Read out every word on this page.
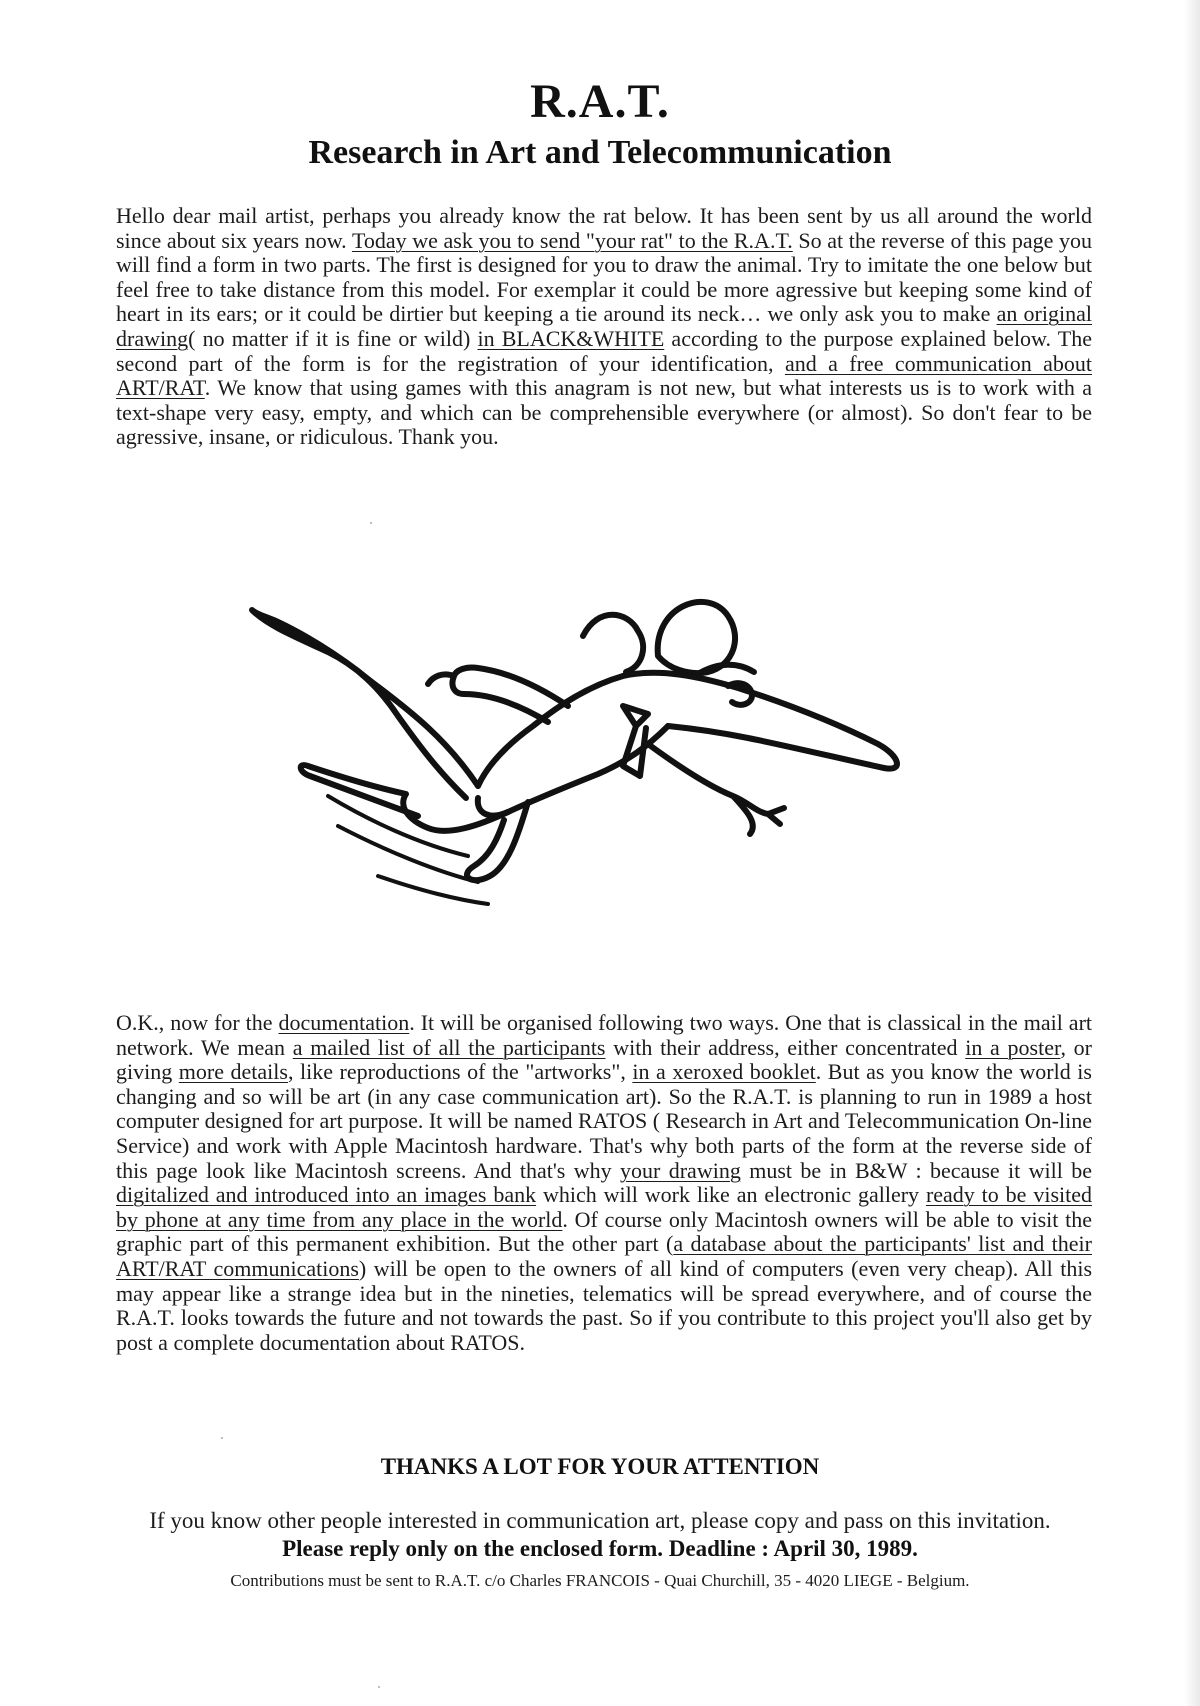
R.A.T.
Research in Art and Telecommunication

Hello dear mail artist, perhaps you already know the rat below. It has been sent by us all around the world since about six years now. Today we ask you to send "your rat" to the R.A.T. So at the reverse of this page you will find a form in two parts. The first is designed for you to draw the animal. Try to imitate the one below but feel free to take distance from this model. For exemplar it could be more agressive but keeping some kind of heart in its ears; or it could be dirtier but keeping a tie around its neck… we only ask you to make an original drawing( no matter if it is fine or wild) in BLACK&WHITE according to the purpose explained below. The second part of the form is for the registration of your identification, and a free communication about ART/RAT. We know that using games with this anagram is not new, but what interests us is to work with a text-shape very easy, empty, and which can be comprehensible everywhere (or almost). So don't fear to be agressive, insane, or ridiculous. Thank you.

O.K., now for the documentation. It will be organised following two ways. One that is classical in the mail art network. We mean a mailed list of all the participants with their address, either concentrated in a poster, or giving more details, like reproductions of the "artworks", in a xeroxed booklet. But as you know the world is changing and so will be art (in any case communication art). So the R.A.T. is planning to run in 1989 a host computer designed for art purpose. It will be named RATOS ( Research in Art and Telecommunication On-line Service) and work with Apple Macintosh hardware. That's why both parts of the form at the reverse side of this page look like Macintosh screens. And that's why your drawing must be in B&W : because it will be digitalized and introduced into an images bank which will work like an electronic gallery ready to be visited by phone at any time from any place in the world. Of course only Macintosh owners will be able to visit the graphic part of this permanent exhibition. But the other part (a database about the participants' list and their ART/RAT communications) will be open to the owners of all kind of computers (even very cheap). All this may appear like a strange idea but in the nineties, telematics will be spread everywhere, and of course the R.A.T. looks towards the future and not towards the past. So if you contribute to this project you'll also get by post a complete documentation about RATOS.

THANKS A LOT FOR YOUR ATTENTION
If you know other people interested in communication art, please copy and pass on this invitation.
Please reply only on the enclosed form. Deadline : April 30, 1989.
Contributions must be sent to R.A.T. c/o Charles FRANCOIS - Quai Churchill, 35 - 4020 LIEGE - Belgium.
